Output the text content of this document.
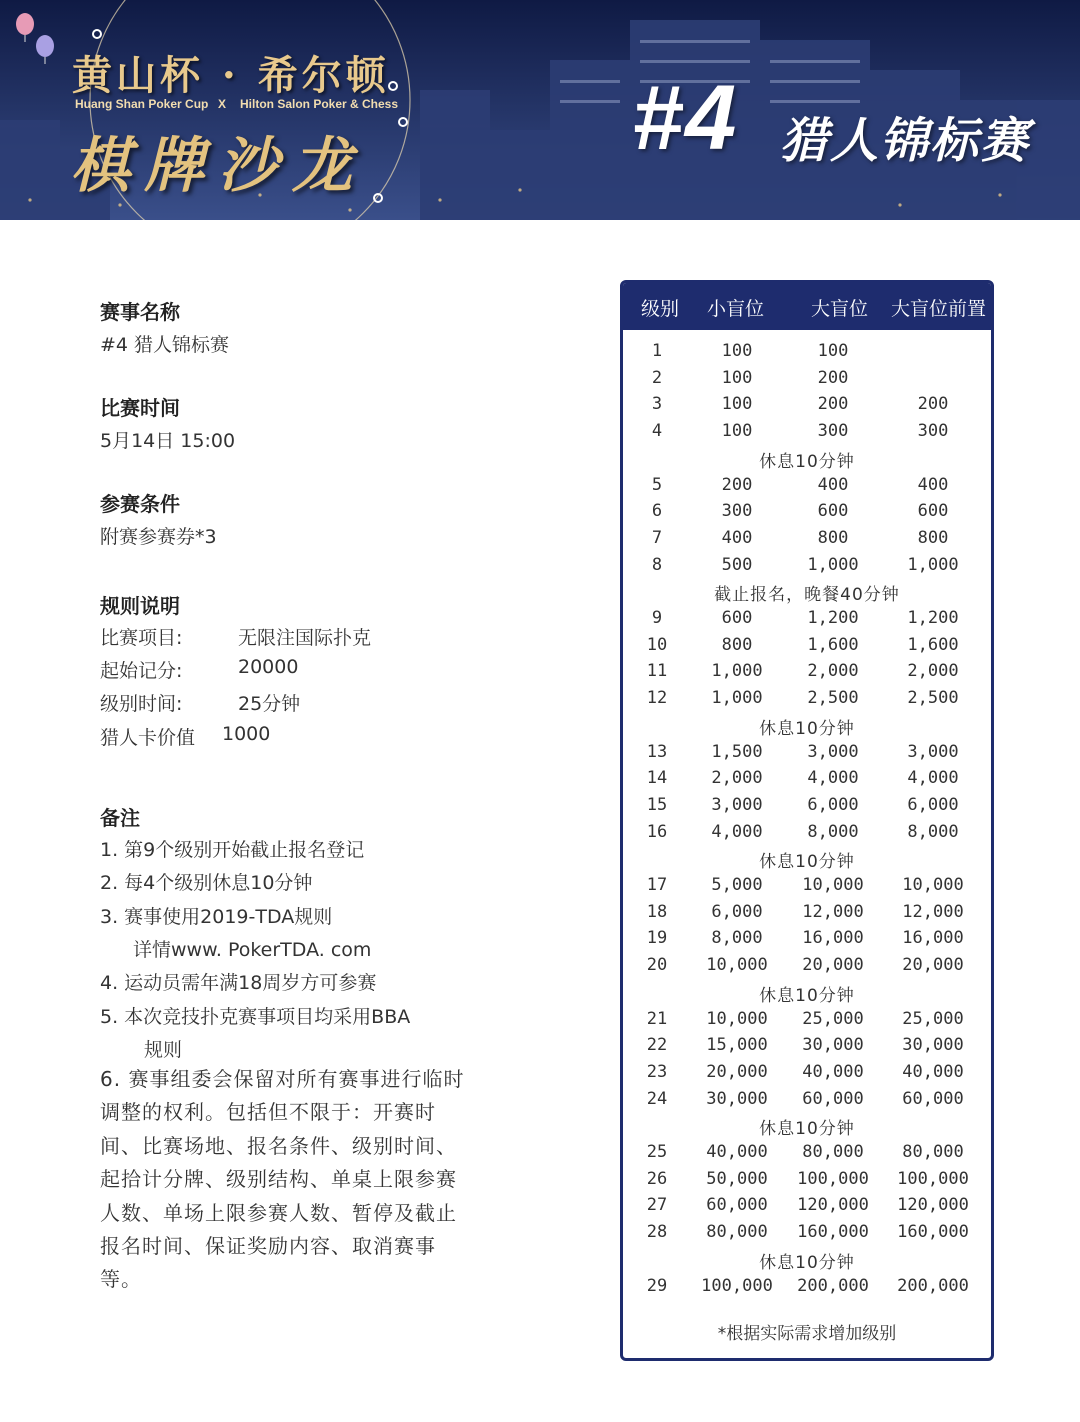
黄山杯 · 希尔顿
Huang Shan Poker Cup X Hilton Salon Poker & Chess
棋牌沙龙	#4 猎人锦标赛
赛事名称
#4 猎人锦标赛
比赛时间
5月14日 15:00
参赛条件
附赛参赛券*3
规则说明
比赛项目:	无限注国际扑克
起始记分:	20000
级别时间:	25分钟
猎人卡价值 1000
备注
1. 第9个级别开始截止报名登记
2. 每4个级别休息10分钟
3. 赛事使用2019-TDA规则
详情www. PokerTDA. com
4. 运动员需年满18周岁方可参赛
5. 本次竞技扑克赛事项目均采用BBA
规则
6. 赛事组委会保留对所有赛事进行临时调整的权利。包括但不限于：开赛时间、比赛场地、报名条件、级别时间、起拾计分牌、级别结构、单桌上限参赛人数、单场上限参赛人数、暂停及截止报名时间、保证奖励内容、取消赛事等。
级别 小盲位 大盲位 大盲位前置
1	100	100
2	100	200
3	100	200	200
4	100	300	300
休息10分钟
5	200	400	400
6	300	600	600
7	400	800	800
8	500	1,000	1,000
截止报名，晚餐40分钟
9	600	1,200	1,200
10	800	1,600	1,600
11	1,000	2,000	2,000
12	1,000	2,500	2,500
休息10分钟
13	1,500	3,000	3,000
14	2,000	4,000	4,000
15	3,000	6,000	6,000
16	4,000	8,000	8,000
休息10分钟
17	5,000 10,000 10,000
18	6,000 12,000 12,000
19	8,000 16,000 16,000
20 10,000 20,000 20,000
休息10分钟
21 10,000 25,000 25,000
22 15,000 30,000 30,000
23 20,000 40,000 40,000
24 30,000 60,000 60,000
休息10分钟
25 40,000 80,000 80,000
26 50,000 100,000 100,000
27 60,000 120,000 120,000
28 80,000 160,000 160,000
休息10分钟
29 100,000 200,000 200,000
*根据实际需求增加级别
